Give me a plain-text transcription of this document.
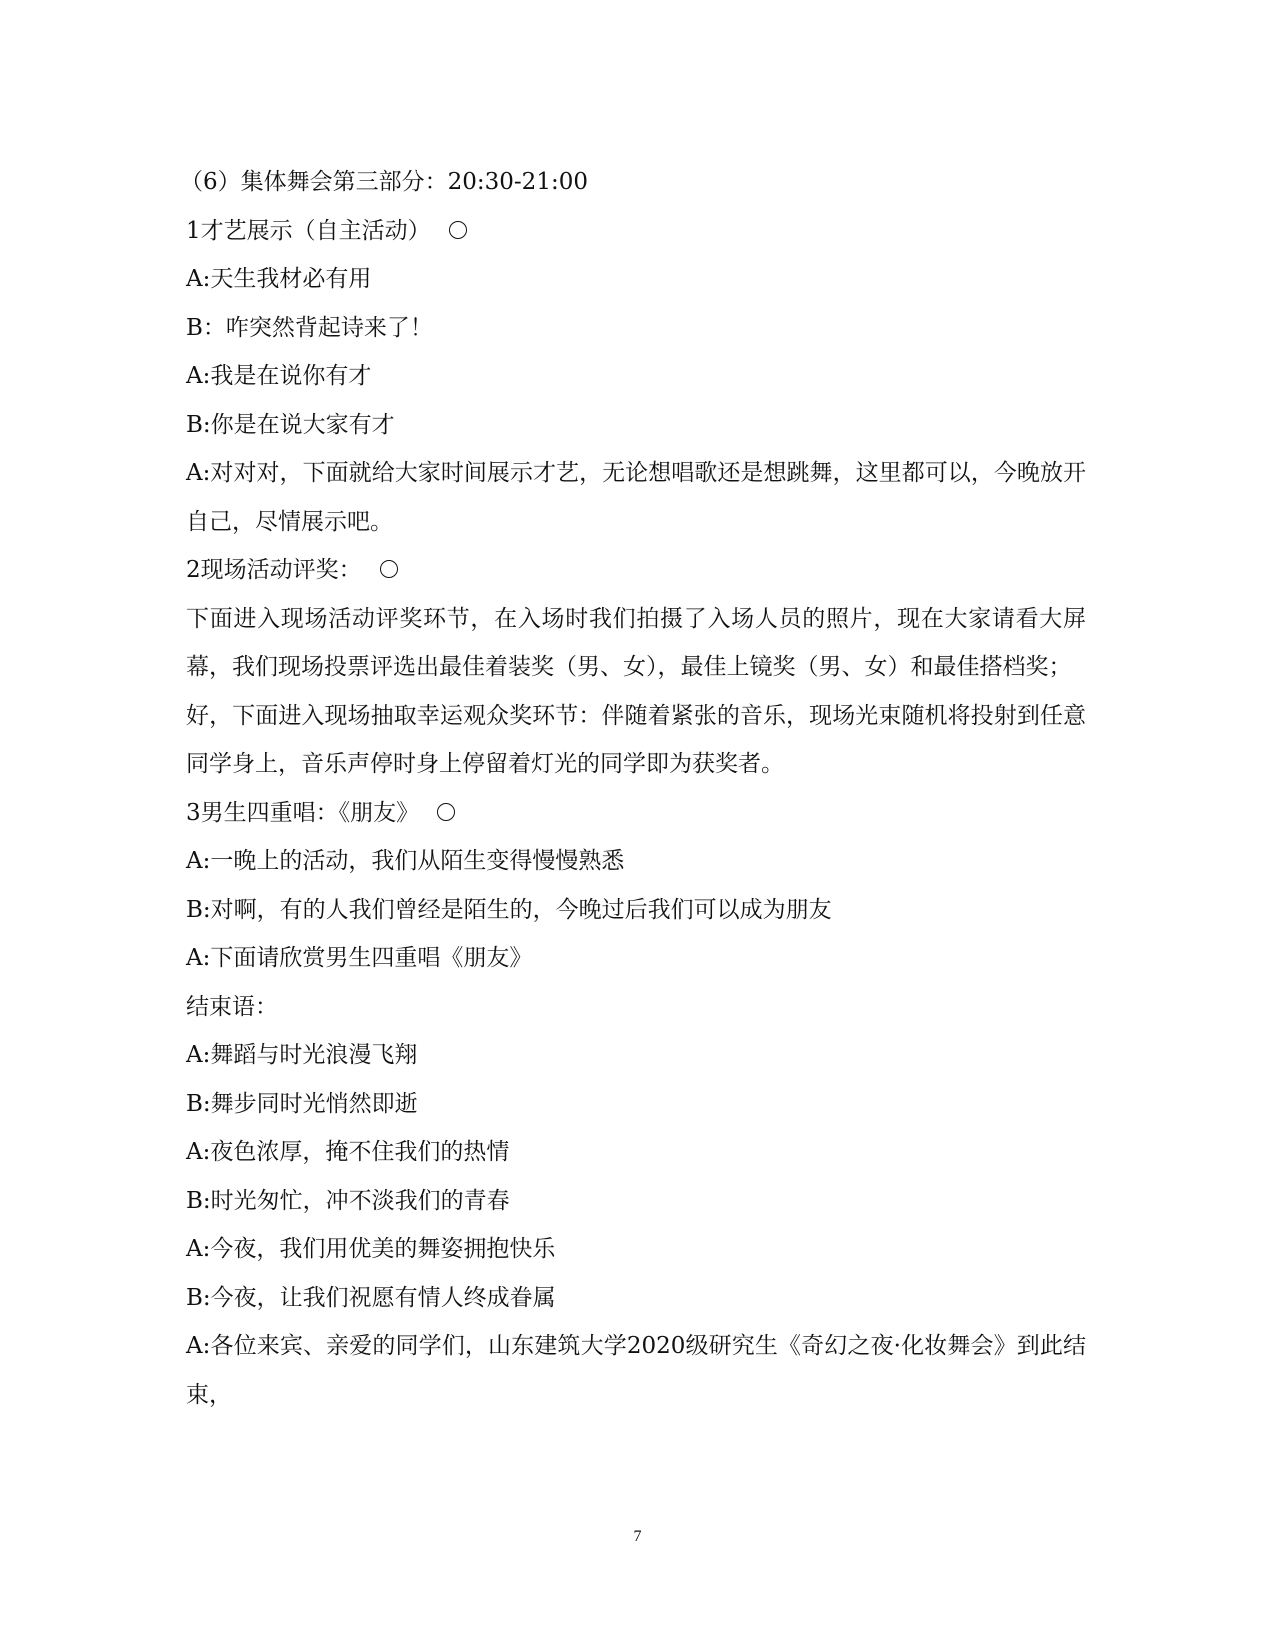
（6）集体舞会第三部分：20:30-21:00
1才艺展示（自主活动）
A:天生我材必有用
B：咋突然背起诗来了！
A:我是在说你有才
B:你是在说大家有才
A:对对对，下面就给大家时间展示才艺，无论想唱歌还是想跳舞，这里都可以，今晚放开自己，尽情展示吧。
2现场活动评奖：
下面进入现场活动评奖环节，在入场时我们拍摄了入场人员的照片，现在大家请看大屏幕，我们现场投票评选出最佳着装奖（男、女），最佳上镜奖（男、女）和最佳搭档奖；
好，下面进入现场抽取幸运观众奖环节：伴随着紧张的音乐，现场光束随机将投射到任意同学身上，音乐声停时身上停留着灯光的同学即为获奖者。
3男生四重唱：《朋友》
A:一晚上的活动，我们从陌生变得慢慢熟悉
B:对啊，有的人我们曾经是陌生的，今晚过后我们可以成为朋友
A:下面请欣赏男生四重唱《朋友》
结束语：
A:舞蹈与时光浪漫飞翔
B:舞步同时光悄然即逝
A:夜色浓厚，掩不住我们的热情
B:时光匆忙，冲不淡我们的青春
A:今夜，我们用优美的舞姿拥抱快乐
B:今夜，让我们祝愿有情人终成眷属
A:各位来宾、亲爱的同学们，山东建筑大学2020级研究生《奇幻之夜·化妆舞会》到此结束，
7
